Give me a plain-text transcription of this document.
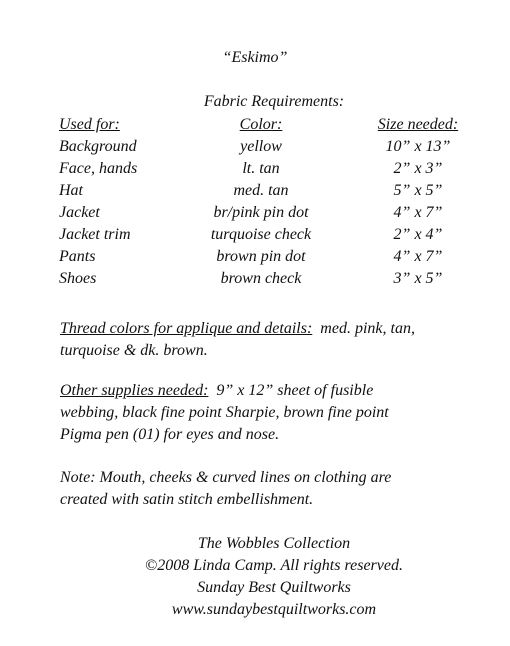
“Eskimo”
Fabric Requirements:
Used for:	Color:	Size needed:
Background	yellow	10” x 13”
Face, hands	lt. tan	2” x 3”
Hat	med. tan	5” x 5”
Jacket	br/pink pin dot	4” x 7”
Jacket trim	turquoise check	2” x 4”
Pants	brown pin dot	4” x 7”
Shoes	brown check	3” x 5”
Thread colors for applique and details: med. pink, tan,
turquoise & dk. brown.
Other supplies needed: 9” x 12” sheet of fusible
webbing, black fine point Sharpie, brown fine point
Pigma pen (01) for eyes and nose.
Note: Mouth, cheeks & curved lines on clothing are
created with satin stitch embellishment.
The Wobbles Collection
©2008 Linda Camp. All rights reserved.
Sunday Best Quiltworks
www.sundaybestquiltworks.com
